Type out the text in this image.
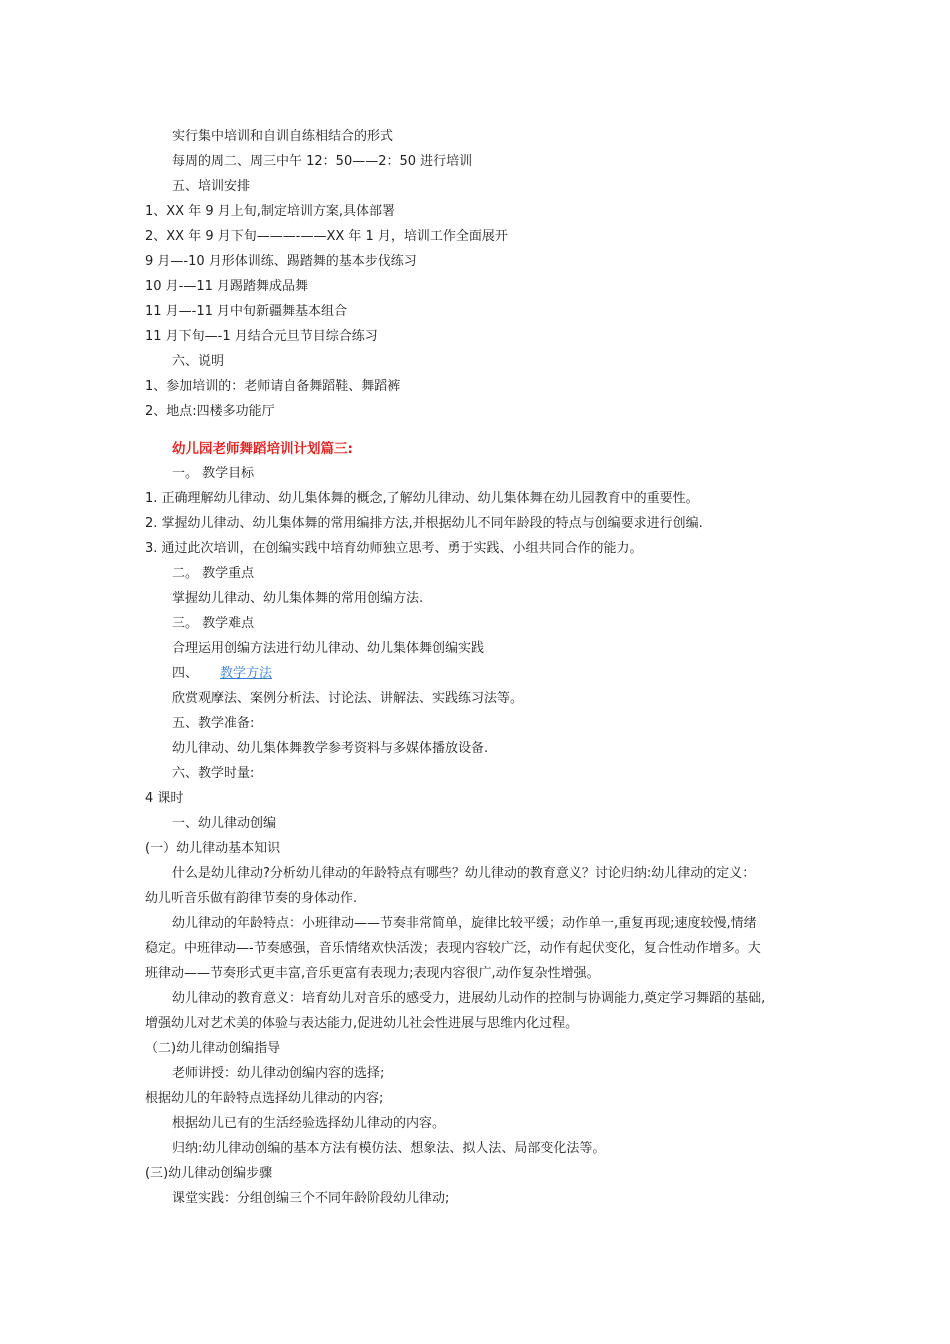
实行集中培训和自训自练相结合的形式
每周的周二、周三中午 12：50——2：50 进行培训
五、培训安排
1、XX 年 9 月上旬,制定培训方案,具体部署
2、XX 年 9 月下旬———-——XX 年 1 月，培训工作全面展开
9 月—-10 月形体训练、踢踏舞的基本步伐练习
10 月-—11 月踢踏舞成品舞
11 月—-11 月中旬新疆舞基本组合
11 月下旬—-1 月结合元旦节目综合练习
六、说明
1、参加培训的：老师请自备舞蹈鞋、舞蹈裤
2、地点:四楼多功能厅
幼儿园老师舞蹈培训计划篇三:
一。 教学目标
1. 正确理解幼儿律动、幼儿集体舞的概念,了解幼儿律动、幼儿集体舞在幼儿园教育中的重要性。
2. 掌握幼儿律动、幼儿集体舞的常用编排方法,并根据幼儿不同年龄段的特点与创编要求进行创编.
3. 通过此次培训，在创编实践中培育幼师独立思考、勇于实践、小组共同合作的能力。
二。 教学重点
掌握幼儿律动、幼儿集体舞的常用创编方法.
三。 教学难点
合理运用创编方法进行幼儿律动、幼儿集体舞创编实践
四、 教学方法
欣赏观摩法、案例分析法、讨论法、讲解法、实践练习法等。
五、教学准备:
幼儿律动、幼儿集体舞教学参考资料与多媒体播放设备.
六、教学时量:
4 课时
一、幼儿律动创编
(一）幼儿律动基本知识
什么是幼儿律动?分析幼儿律动的年龄特点有哪些？幼儿律动的教育意义？讨论归纳:幼儿律动的定义：
幼儿听音乐做有韵律节奏的身体动作.
幼儿律动的年龄特点：小班律动——节奏非常简单，旋律比较平缓；动作单一,重复再现;速度较慢,情绪
稳定。中班律动—-节奏感强，音乐情绪欢快活泼；表现内容较广泛，动作有起伏变化，复合性动作增多。大
班律动——节奏形式更丰富,音乐更富有表现力;表现内容很广,动作复杂性增强。
幼儿律动的教育意义：培育幼儿对音乐的感受力，进展幼儿动作的控制与协调能力,奠定学习舞蹈的基础,
增强幼儿对艺术美的体验与表达能力,促进幼儿社会性进展与思维内化过程。
（二)幼儿律动创编指导
老师讲授：幼儿律动创编内容的选择;
根据幼儿的年龄特点选择幼儿律动的内容;
根据幼儿已有的生活经验选择幼儿律动的内容。
归纳:幼儿律动创编的基本方法有模仿法、想象法、拟人法、局部变化法等。
(三)幼儿律动创编步骤
课堂实践：分组创编三个不同年龄阶段幼儿律动;
